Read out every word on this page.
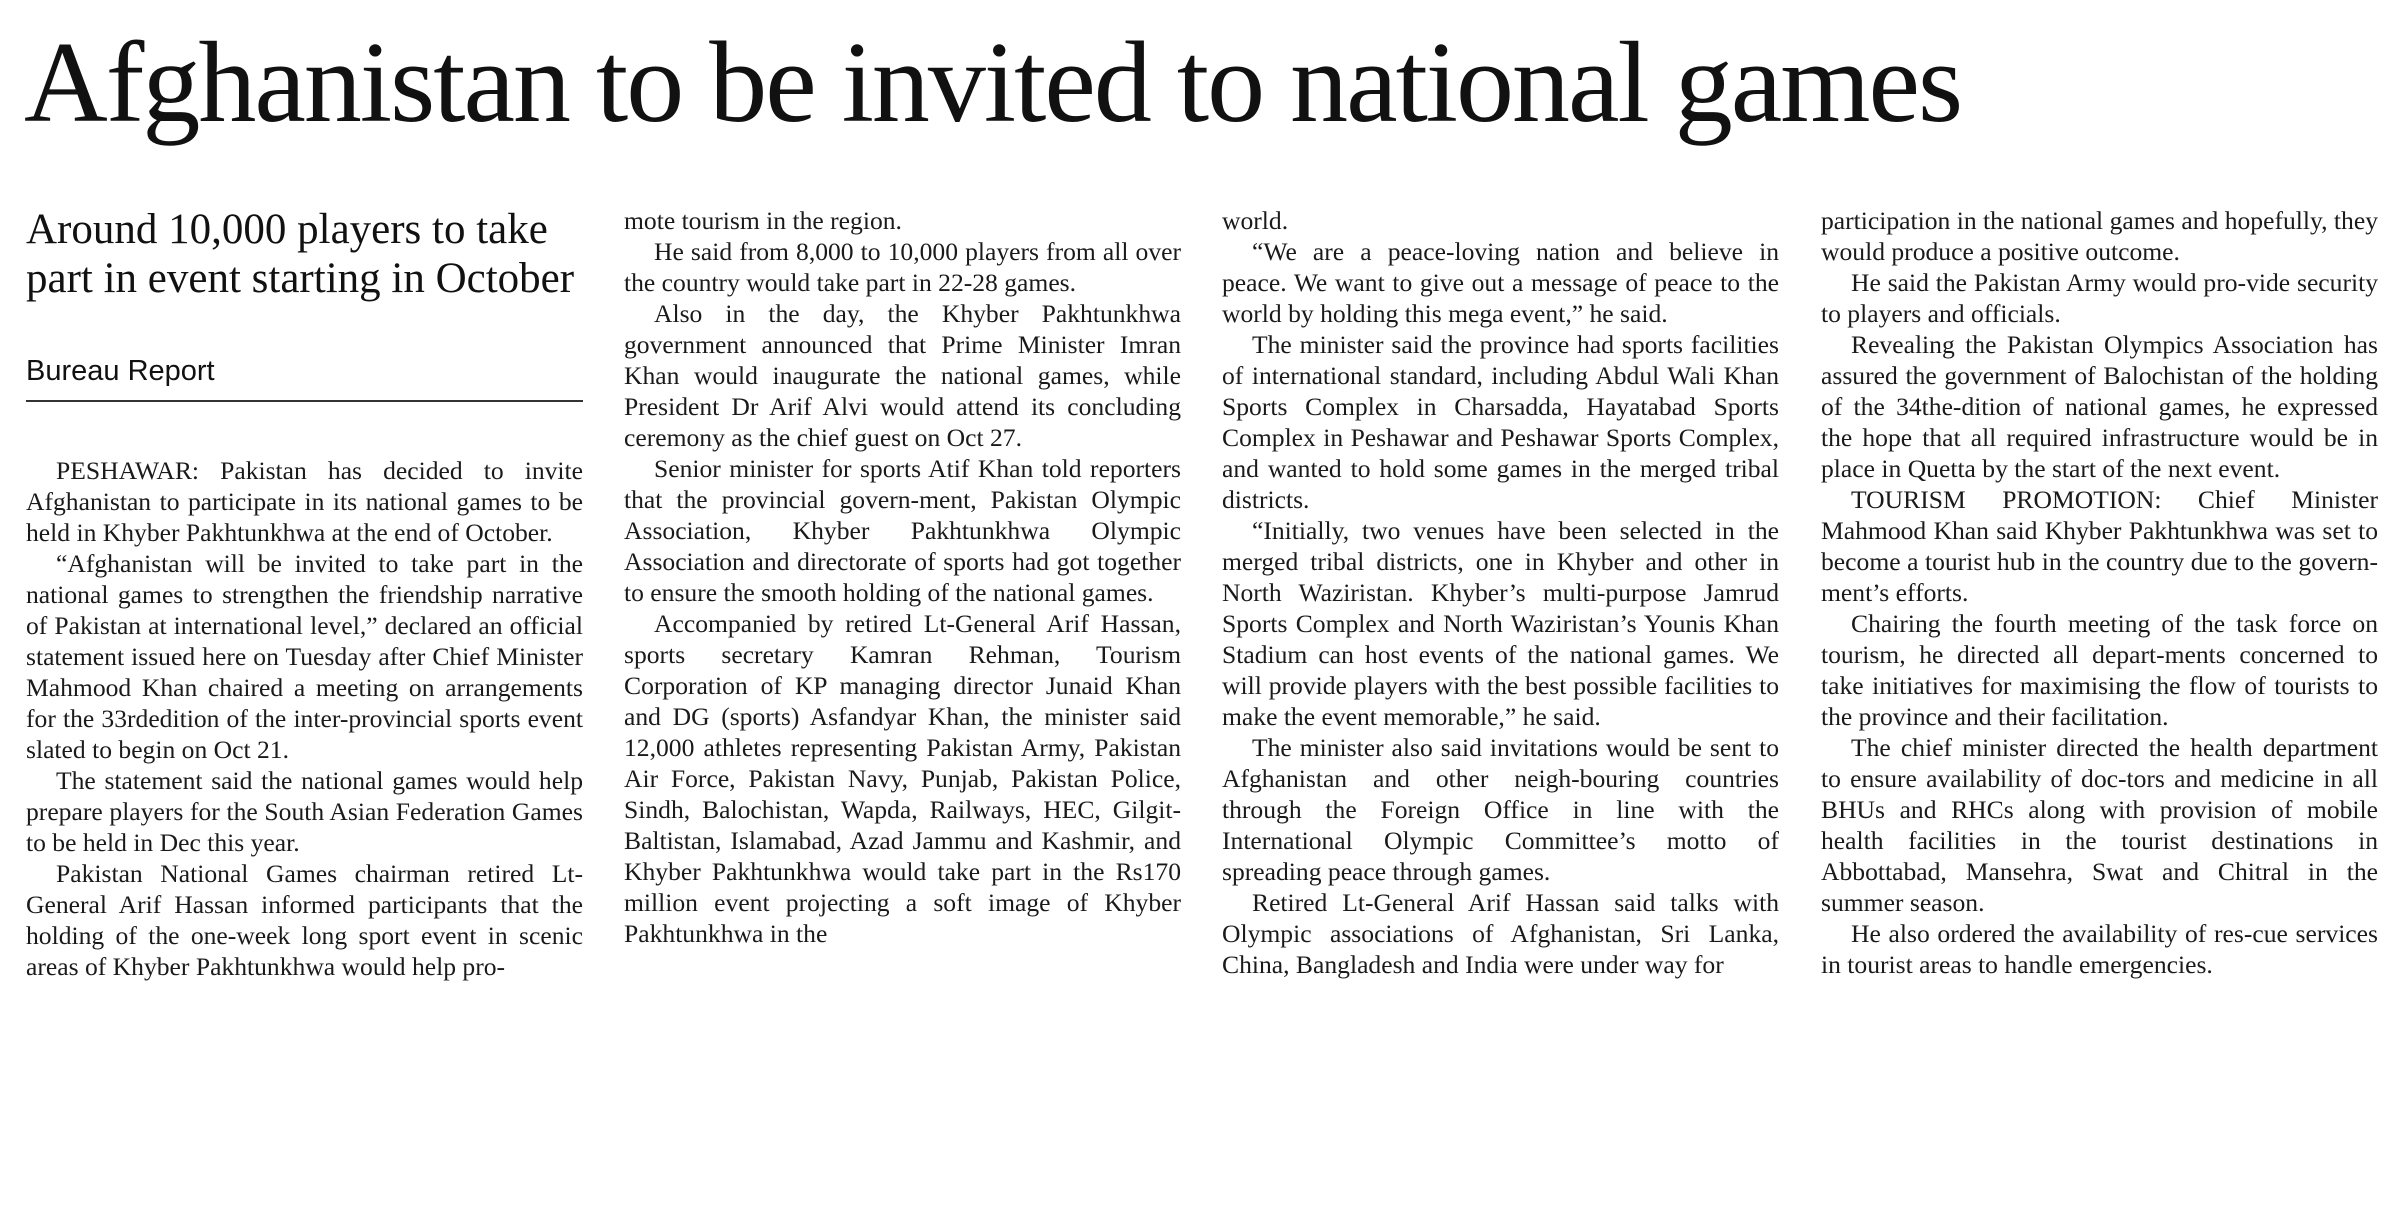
Afghanistan to be invited to national games
Around 10,000 players to take part in event starting in October
Bureau Report

PESHAWAR: Pakistan has decided to invite Afghanistan to participate in its national games to be held in Khyber Pakhtunkhwa at the end of October.

“Afghanistan will be invited to take part in the national games to strengthen the friendship narrative of Pakistan at international level,” declared an official statement issued here on Tuesday after Chief Minister Mahmood Khan chaired a meeting on arrangements for the 33rdedition of the inter-provincial sports event slated to begin on Oct 21.

The statement said the national games would help prepare players for the South Asian Federation Games to be held in Dec this year.

Pakistan National Games chairman retired Lt-General Arif Hassan informed participants that the holding of the one-week long sport event in scenic areas of Khyber Pakhtunkhwa would help pro-

mote tourism in the region.

He said from 8,000 to 10,000 players from all over the country would take part in 22-28 games.

Also in the day, the Khyber Pakhtunkhwa government announced that Prime Minister Imran Khan would inaugurate the national games, while President Dr Arif Alvi would attend its concluding ceremony as the chief guest on Oct 27.

Senior minister for sports Atif Khan told reporters that the provincial govern-ment, Pakistan Olympic Association, Khyber Pakhtunkhwa Olympic Association and directorate of sports had got together to ensure the smooth holding of the national games.

Accompanied by retired Lt-General Arif Hassan, sports secretary Kamran Rehman, Tourism Corporation of KP managing director Junaid Khan and DG (sports) Asfandyar Khan, the minister said 12,000 athletes representing Pakistan Army, Pakistan Air Force, Pakistan Navy, Punjab, Pakistan Police, Sindh, Balochistan, Wapda, Railways, HEC, Gilgit-Baltistan, Islamabad, Azad Jammu and Kashmir, and Khyber Pakhtunkhwa would take part in the Rs170 million event projecting a soft image of Khyber Pakhtunkhwa in the

world.

“We are a peace-loving nation and believe in peace. We want to give out a message of peace to the world by holding this mega event,” he said.

The minister said the province had sports facilities of international standard, including Abdul Wali Khan Sports Complex in Charsadda, Hayatabad Sports Complex in Peshawar and Peshawar Sports Complex, and wanted to hold some games in the merged tribal districts.

“Initially, two venues have been selected in the merged tribal districts, one in Khyber and other in North Waziristan. Khyber’s multi-purpose Jamrud Sports Complex and North Waziristan’s Younis Khan Stadium can host events of the national games. We will provide players with the best possible facilities to make the event memorable,” he said.

The minister also said invitations would be sent to Afghanistan and other neigh-bouring countries through the Foreign Office in line with the International Olympic Committee’s motto of spreading peace through games.

Retired Lt-General Arif Hassan said talks with Olympic associations of Afghanistan, Sri Lanka, China, Bangladesh and India were under way for

participation in the national games and hopefully, they would produce a positive outcome.

He said the Pakistan Army would pro-vide security to players and officials.

Revealing the Pakistan Olympics Association has assured the government of Balochistan of the holding of the 34the-dition of national games, he expressed the hope that all required infrastructure would be in place in Quetta by the start of the next event.

TOURISM PROMOTION: Chief Minister Mahmood Khan said Khyber Pakhtunkhwa was set to become a tourist hub in the country due to the govern-ment’s efforts.

Chairing the fourth meeting of the task force on tourism, he directed all depart-ments concerned to take initiatives for maximising the flow of tourists to the province and their facilitation.

The chief minister directed the health department to ensure availability of doc-tors and medicine in all BHUs and RHCs along with provision of mobile health facilities in the tourist destinations in Abbottabad, Mansehra, Swat and Chitral in the summer season.

He also ordered the availability of res-cue services in tourist areas to handle emergencies.
